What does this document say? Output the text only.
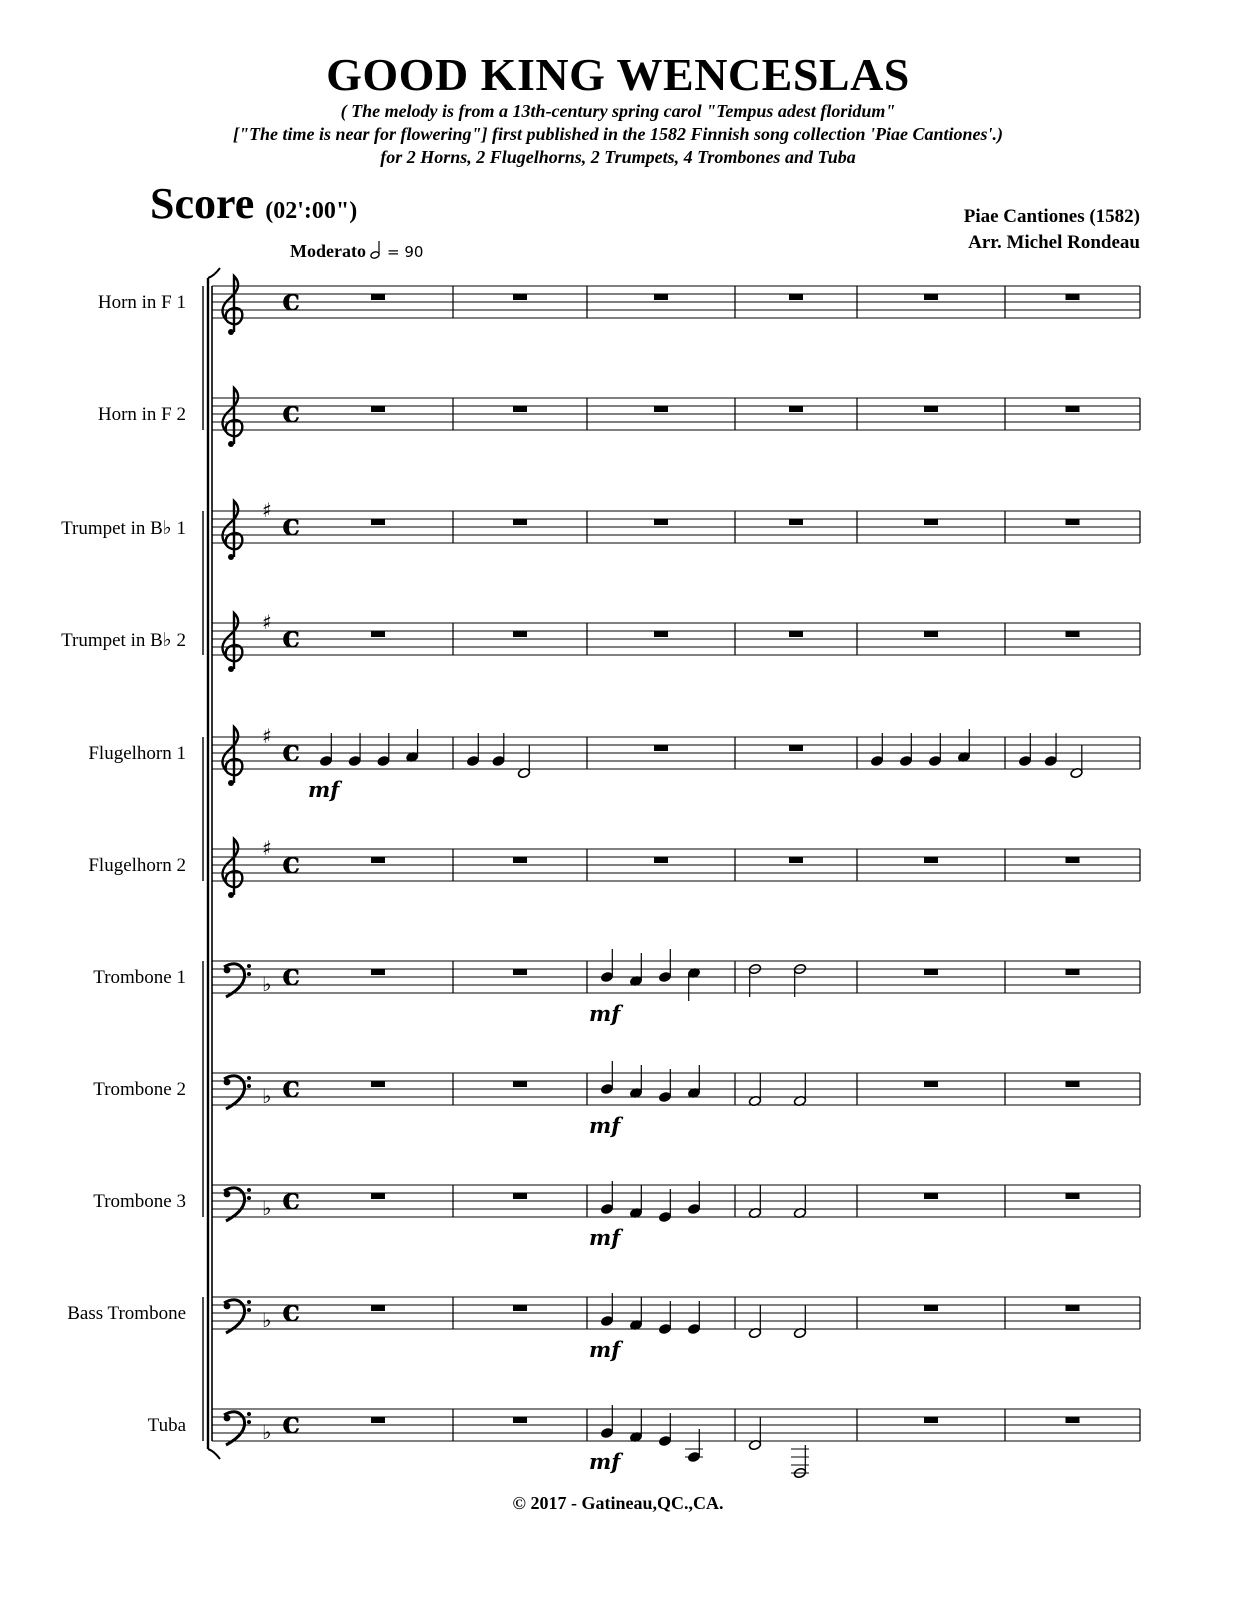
GOOD KING WENCESLAS
( The melody is from a 13th-century spring carol "Tempus adest floridum"
["The time is near for flowering"] first published in the 1582 Finnish song collection 'Piae Cantiones'.)
for 2 Horns, 2 Flugelhorns, 2 Trumpets, 4 Trombones and Tuba
Score (02':00")	Piae Cantiones (1582)
Arr. Michel Rondeau
Moderato = 90
Horn in F 1
Horn in F 2
Trumpet in B♭ 1
Trumpet in B♭ 2
Flugelhorn 1
Flugelhorn 2
Trombone 1
Trombone 2
Trombone 3
Bass Trombone
Tuba
c
c
♯ c
♯ c
♯ c
♯ c
♭ c
♭ c
♭ c
♭ c
♭ c
mf
mf
mf
mf
mf
mf
© 2017 - Gatineau,QC.,CA.
